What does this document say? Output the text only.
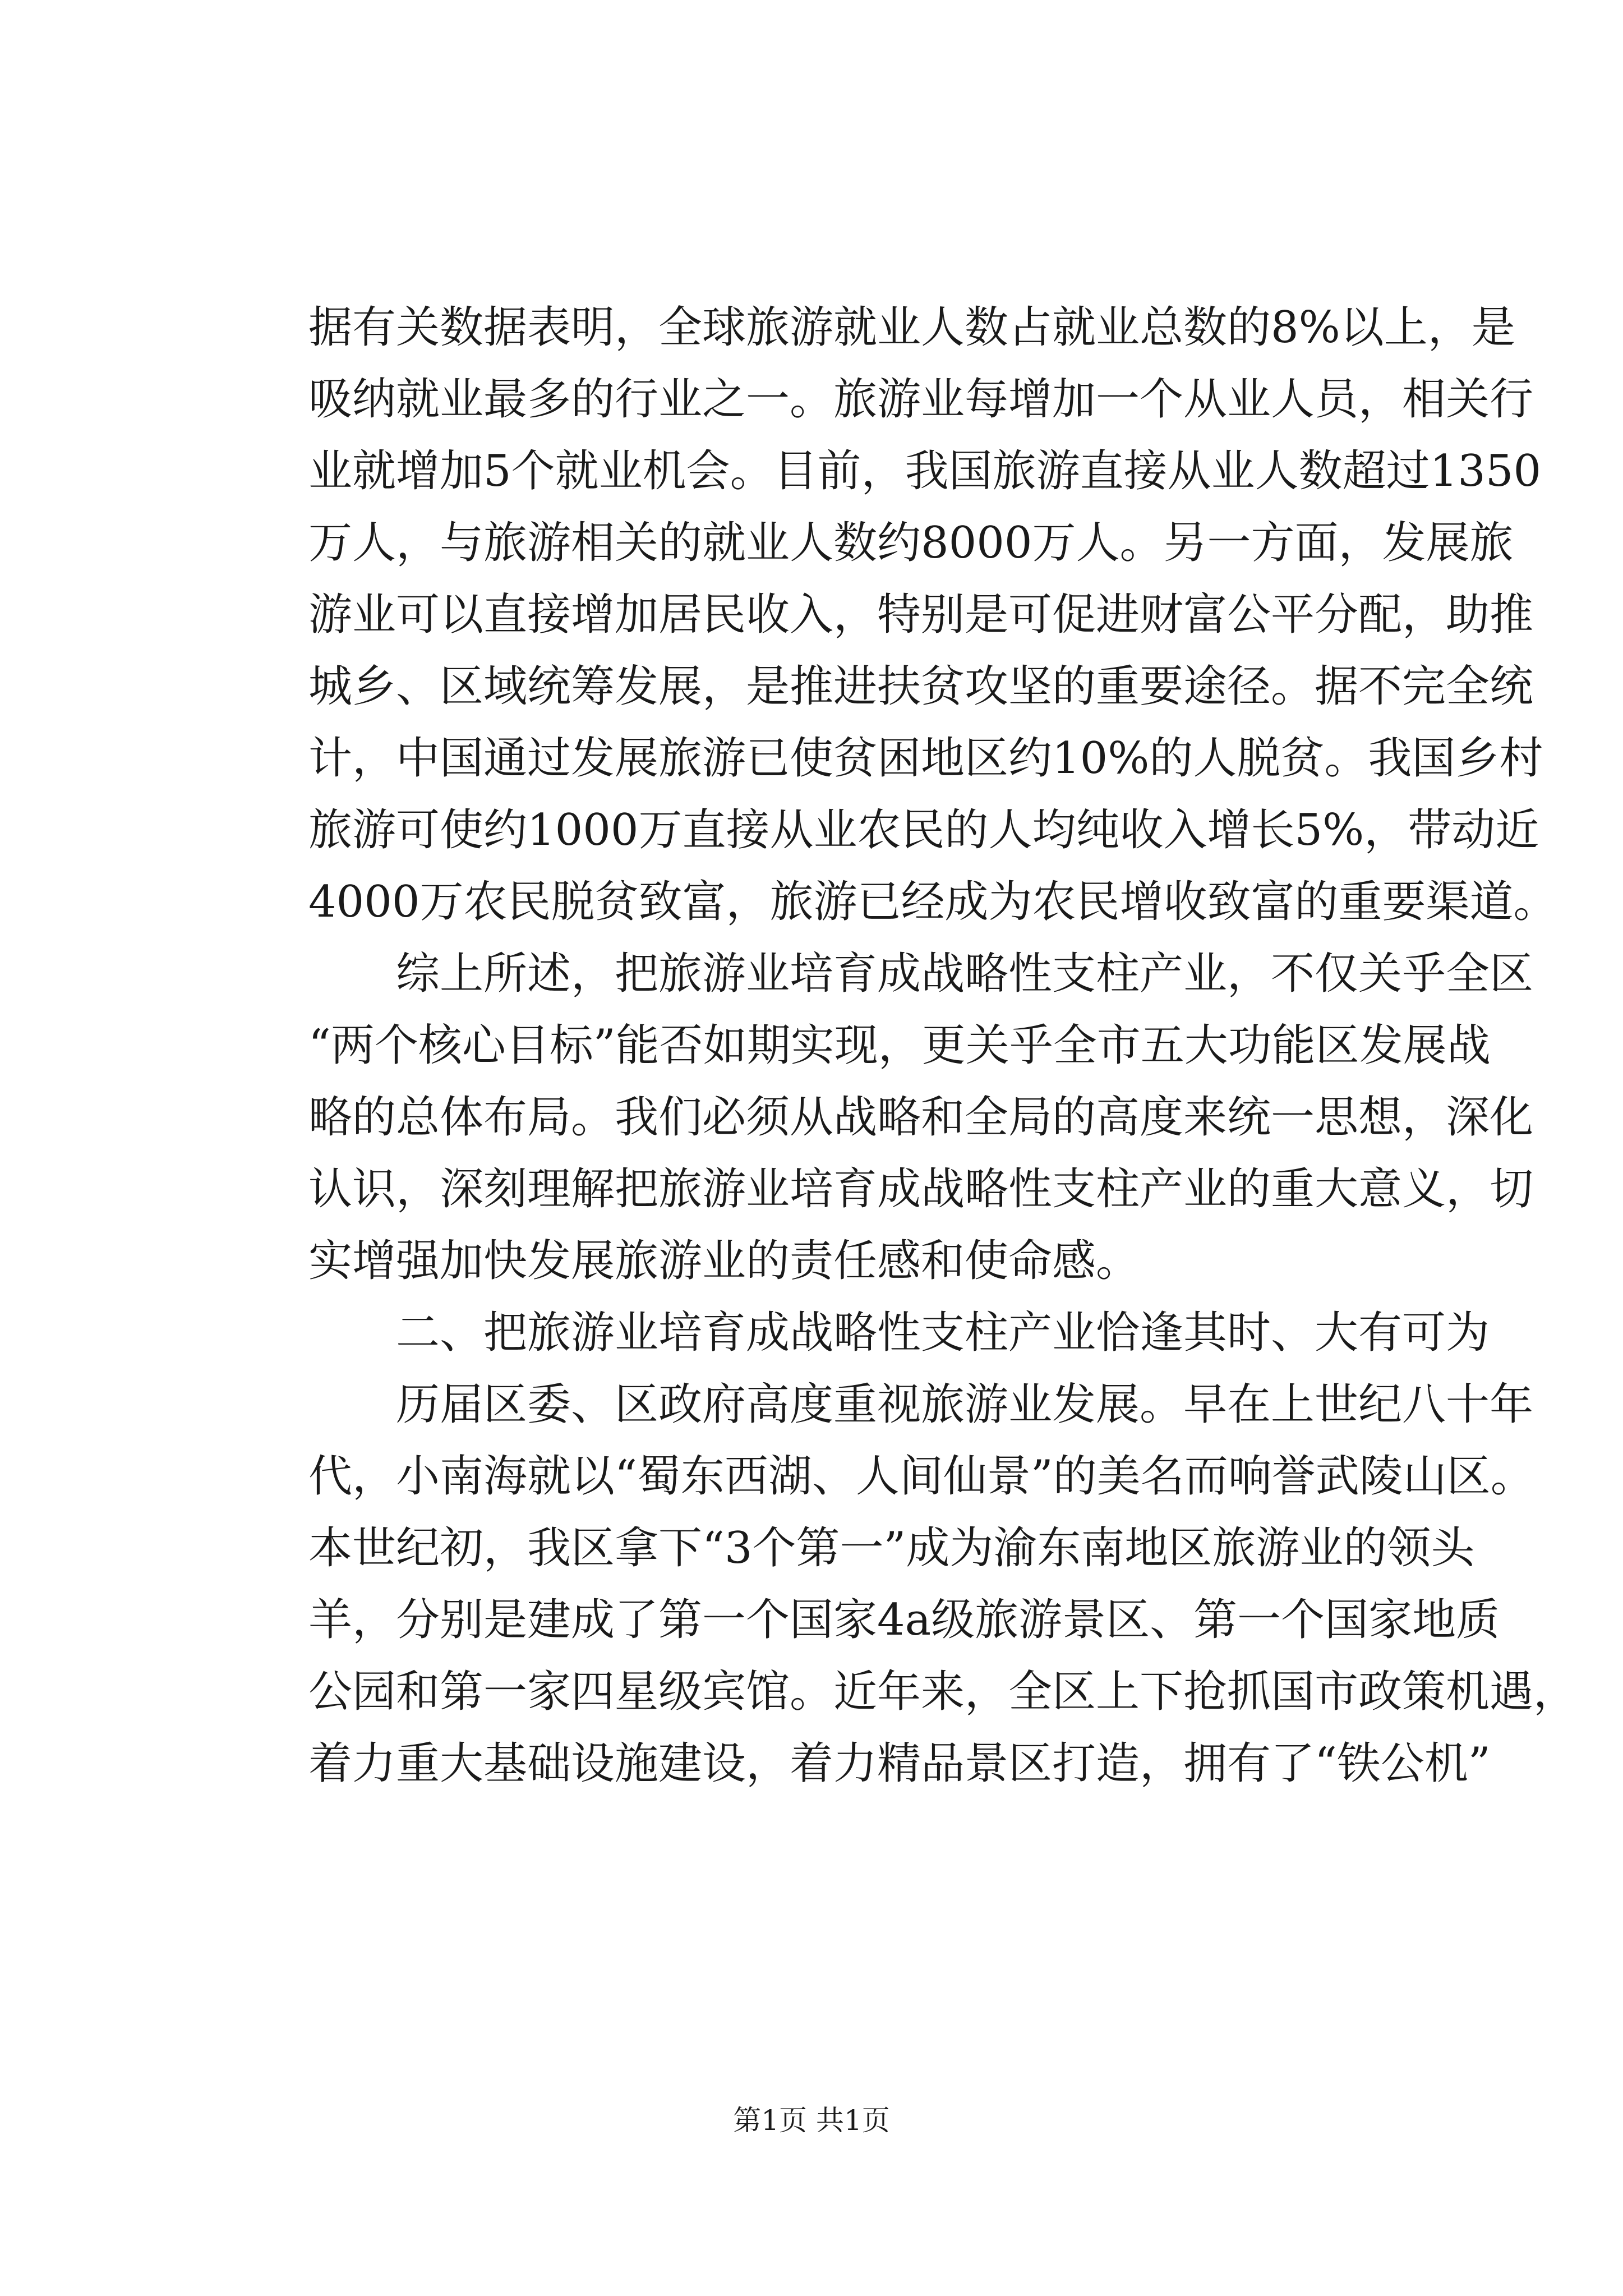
据有关数据表明，全球旅游就业人数占就业总数的8%以上，是
吸纳就业最多的行业之一。旅游业每增加一个从业人员，相关行
业就增加5个就业机会。目前，我国旅游直接从业人数超过1350
万人，与旅游相关的就业人数约8000万人。另一方面，发展旅
游业可以直接增加居民收入，特别是可促进财富公平分配，助推
城乡、区域统筹发展，是推进扶贫攻坚的重要途径。据不完全统
计，中国通过发展旅游已使贫困地区约10%的人脱贫。我国乡村
旅游可使约1000万直接从业农民的人均纯收入增长5%，带动近
4000万农民脱贫致富，旅游已经成为农民增收致富的重要渠道。
综上所述，把旅游业培育成战略性支柱产业，不仅关乎全区
“两个核心目标”能否如期实现，更关乎全市五大功能区发展战
略的总体布局。我们必须从战略和全局的高度来统一思想，深化
认识，深刻理解把旅游业培育成战略性支柱产业的重大意义，切
实增强加快发展旅游业的责任感和使命感。
二、把旅游业培育成战略性支柱产业恰逢其时、大有可为
历届区委、区政府高度重视旅游业发展。早在上世纪八十年
代，小南海就以“蜀东西湖、人间仙景”的美名而响誉武陵山区。
本世纪初，我区拿下“3个第一”成为渝东南地区旅游业的领头
羊，分别是建成了第一个国家4a级旅游景区、第一个国家地质
公园和第一家四星级宾馆。近年来，全区上下抢抓国市政策机遇，
着力重大基础设施建设，着力精品景区打造，拥有了“铁公机”
第1页 共1页
